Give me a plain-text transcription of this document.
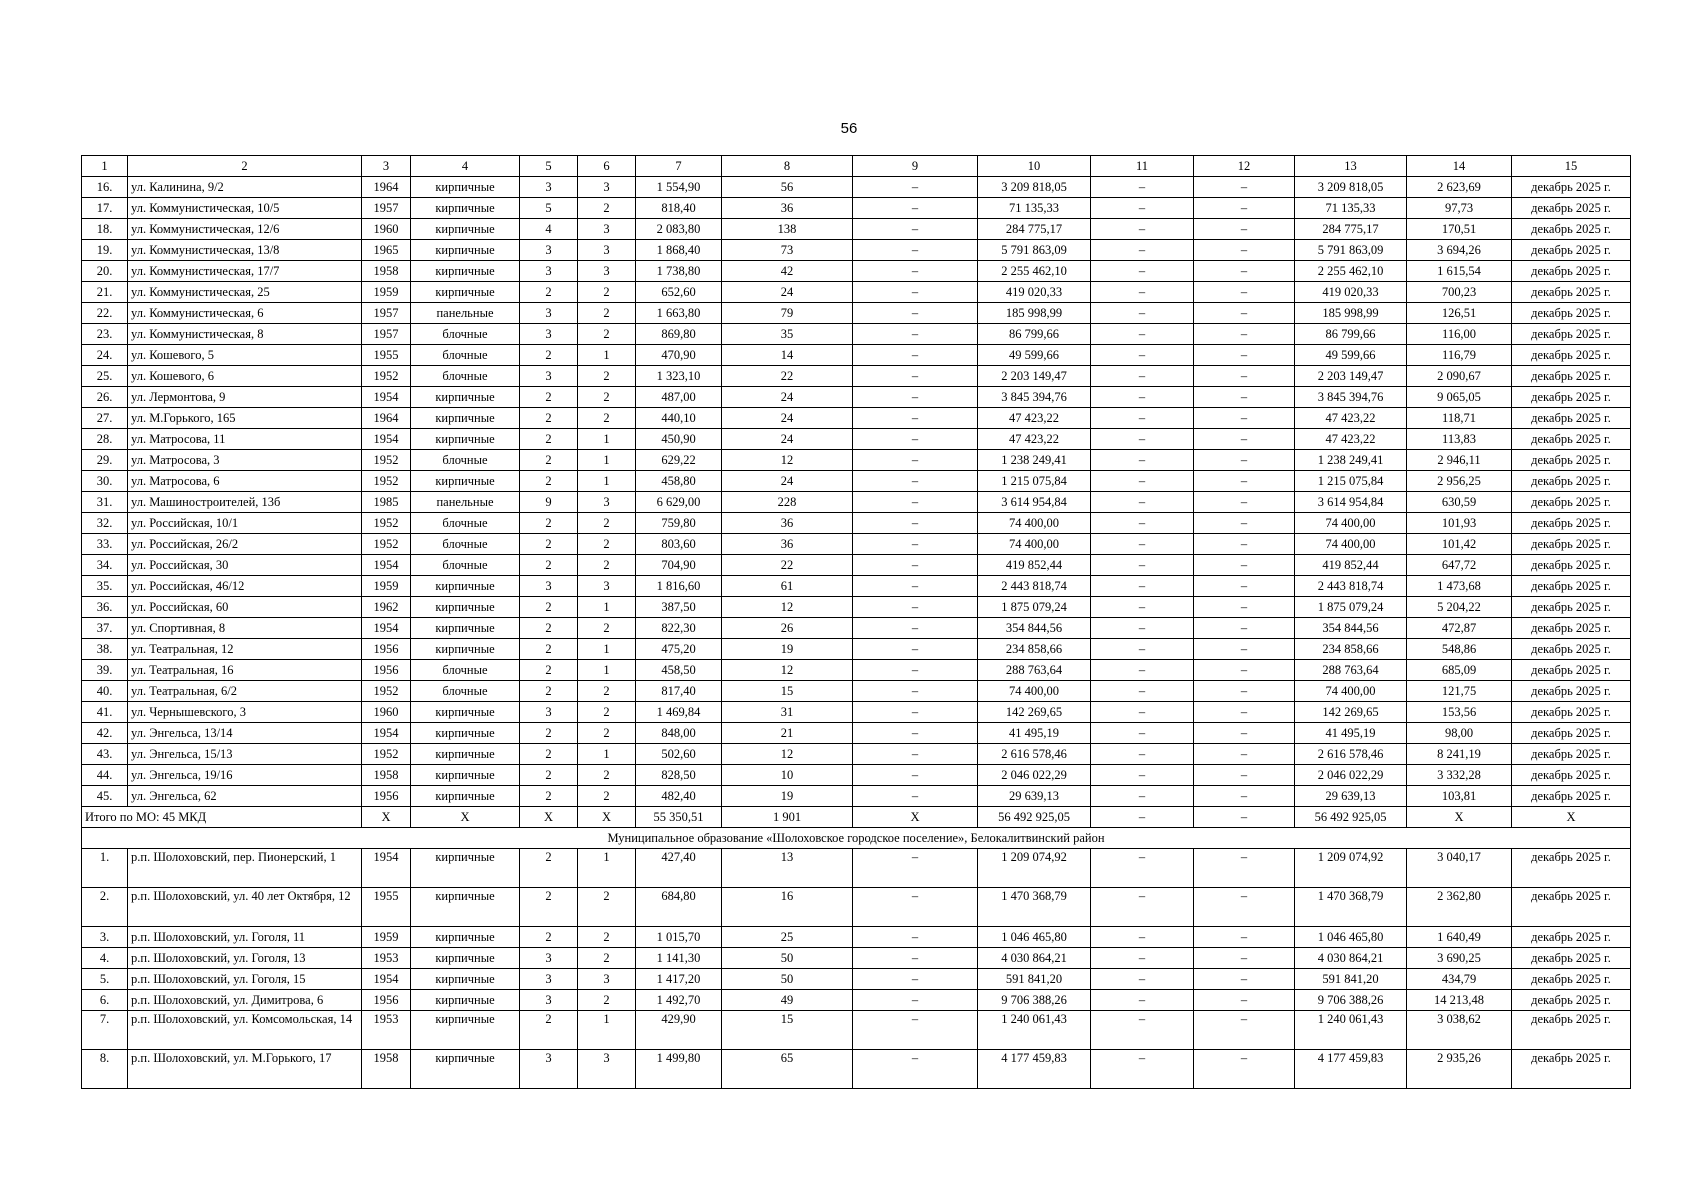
56
1	2	3	4	5	6	7	8	9	10	11	12	13	14	15
16.	ул. Калинина, 9/2	1964	кирпичные	3	3	1 554,90	56	–	3 209 818,05	–	–	3 209 818,05	2 623,69	декабрь 2025 г.
17.	ул. Коммунистическая, 10/5	1957	кирпичные	5	2	818,40	36	–	71 135,33	–	–	71 135,33	97,73	декабрь 2025 г.
18.	ул. Коммунистическая, 12/6	1960	кирпичные	4	3	2 083,80	138	–	284 775,17	–	–	284 775,17	170,51	декабрь 2025 г.
19.	ул. Коммунистическая, 13/8	1965	кирпичные	3	3	1 868,40	73	–	5 791 863,09	–	–	5 791 863,09	3 694,26	декабрь 2025 г.
20.	ул. Коммунистическая, 17/7	1958	кирпичные	3	3	1 738,80	42	–	2 255 462,10	–	–	2 255 462,10	1 615,54	декабрь 2025 г.
21.	ул. Коммунистическая, 25	1959	кирпичные	2	2	652,60	24	–	419 020,33	–	–	419 020,33	700,23	декабрь 2025 г.
22.	ул. Коммунистическая, 6	1957	панельные	3	2	1 663,80	79	–	185 998,99	–	–	185 998,99	126,51	декабрь 2025 г.
23.	ул. Коммунистическая, 8	1957	блочные	3	2	869,80	35	–	86 799,66	–	–	86 799,66	116,00	декабрь 2025 г.
24.	ул. Кошевого, 5	1955	блочные	2	1	470,90	14	–	49 599,66	–	–	49 599,66	116,79	декабрь 2025 г.
25.	ул. Кошевого, 6	1952	блочные	3	2	1 323,10	22	–	2 203 149,47	–	–	2 203 149,47	2 090,67	декабрь 2025 г.
26.	ул. Лермонтова, 9	1954	кирпичные	2	2	487,00	24	–	3 845 394,76	–	–	3 845 394,76	9 065,05	декабрь 2025 г.
27.	ул. М.Горького, 165	1964	кирпичные	2	2	440,10	24	–	47 423,22	–	–	47 423,22	118,71	декабрь 2025 г.
28.	ул. Матросова, 11	1954	кирпичные	2	1	450,90	24	–	47 423,22	–	–	47 423,22	113,83	декабрь 2025 г.
29.	ул. Матросова, 3	1952	блочные	2	1	629,22	12	–	1 238 249,41	–	–	1 238 249,41	2 946,11	декабрь 2025 г.
30.	ул. Матросова, 6	1952	кирпичные	2	1	458,80	24	–	1 215 075,84	–	–	1 215 075,84	2 956,25	декабрь 2025 г.
31.	ул. Машиностроителей, 13б	1985	панельные	9	3	6 629,00	228	–	3 614 954,84	–	–	3 614 954,84	630,59	декабрь 2025 г.
32.	ул. Российская, 10/1	1952	блочные	2	2	759,80	36	–	74 400,00	–	–	74 400,00	101,93	декабрь 2025 г.
33.	ул. Российская, 26/2	1952	блочные	2	2	803,60	36	–	74 400,00	–	–	74 400,00	101,42	декабрь 2025 г.
34.	ул. Российская, 30	1954	блочные	2	2	704,90	22	–	419 852,44	–	–	419 852,44	647,72	декабрь 2025 г.
35.	ул. Российская, 46/12	1959	кирпичные	3	3	1 816,60	61	–	2 443 818,74	–	–	2 443 818,74	1 473,68	декабрь 2025 г.
36.	ул. Российская, 60	1962	кирпичные	2	1	387,50	12	–	1 875 079,24	–	–	1 875 079,24	5 204,22	декабрь 2025 г.
37.	ул. Спортивная, 8	1954	кирпичные	2	2	822,30	26	–	354 844,56	–	–	354 844,56	472,87	декабрь 2025 г.
38.	ул. Театральная, 12	1956	кирпичные	2	1	475,20	19	–	234 858,66	–	–	234 858,66	548,86	декабрь 2025 г.
39.	ул. Театральная, 16	1956	блочные	2	1	458,50	12	–	288 763,64	–	–	288 763,64	685,09	декабрь 2025 г.
40.	ул. Театральная, 6/2	1952	блочные	2	2	817,40	15	–	74 400,00	–	–	74 400,00	121,75	декабрь 2025 г.
41.	ул. Чернышевского, 3	1960	кирпичные	3	2	1 469,84	31	–	142 269,65	–	–	142 269,65	153,56	декабрь 2025 г.
42.	ул. Энгельса, 13/14	1954	кирпичные	2	2	848,00	21	–	41 495,19	–	–	41 495,19	98,00	декабрь 2025 г.
43.	ул. Энгельса, 15/13	1952	кирпичные	2	1	502,60	12	–	2 616 578,46	–	–	2 616 578,46	8 241,19	декабрь 2025 г.
44.	ул. Энгельса, 19/16	1958	кирпичные	2	2	828,50	10	–	2 046 022,29	–	–	2 046 022,29	3 332,28	декабрь 2025 г.
45.	ул. Энгельса, 62	1956	кирпичные	2	2	482,40	19	–	29 639,13	–	–	29 639,13	103,81	декабрь 2025 г.
Итого по МО: 45 МКД		X	X	X	X	55 350,51	1 901	X	56 492 925,05	–	–	56 492 925,05	X	X
Муниципальное образование «Шолоховское городское поселение», Белокалитвинский район														
1.	р.п. Шолоховский, пер. Пионерский, 1	1954	кирпичные	2	1	427,40	13	–	1 209 074,92	–	–	1 209 074,92	3 040,17	декабрь 2025 г.
2.	р.п. Шолоховский, ул. 40 лет Октября, 12	1955	кирпичные	2	2	684,80	16	–	1 470 368,79	–	–	1 470 368,79	2 362,80	декабрь 2025 г.
3.	р.п. Шолоховский, ул. Гоголя, 11	1959	кирпичные	2	2	1 015,70	25	–	1 046 465,80	–	–	1 046 465,80	1 640,49	декабрь 2025 г.
4.	р.п. Шолоховский, ул. Гоголя, 13	1953	кирпичные	3	2	1 141,30	50	–	4 030 864,21	–	–	4 030 864,21	3 690,25	декабрь 2025 г.
5.	р.п. Шолоховский, ул. Гоголя, 15	1954	кирпичные	3	3	1 417,20	50	–	591 841,20	–	–	591 841,20	434,79	декабрь 2025 г.
6.	р.п. Шолоховский, ул. Димитрова, 6	1956	кирпичные	3	2	1 492,70	49	–	9 706 388,26	–	–	9 706 388,26	14 213,48	декабрь 2025 г.
7.	р.п. Шолоховский, ул. Комсомольская, 14	1953	кирпичные	2	1	429,90	15	–	1 240 061,43	–	–	1 240 061,43	3 038,62	декабрь 2025 г.
8.	р.п. Шолоховский, ул. М.Горького, 17	1958	кирпичные	3	3	1 499,80	65	–	4 177 459,83	–	–	4 177 459,83	2 935,26	декабрь 2025 г.
